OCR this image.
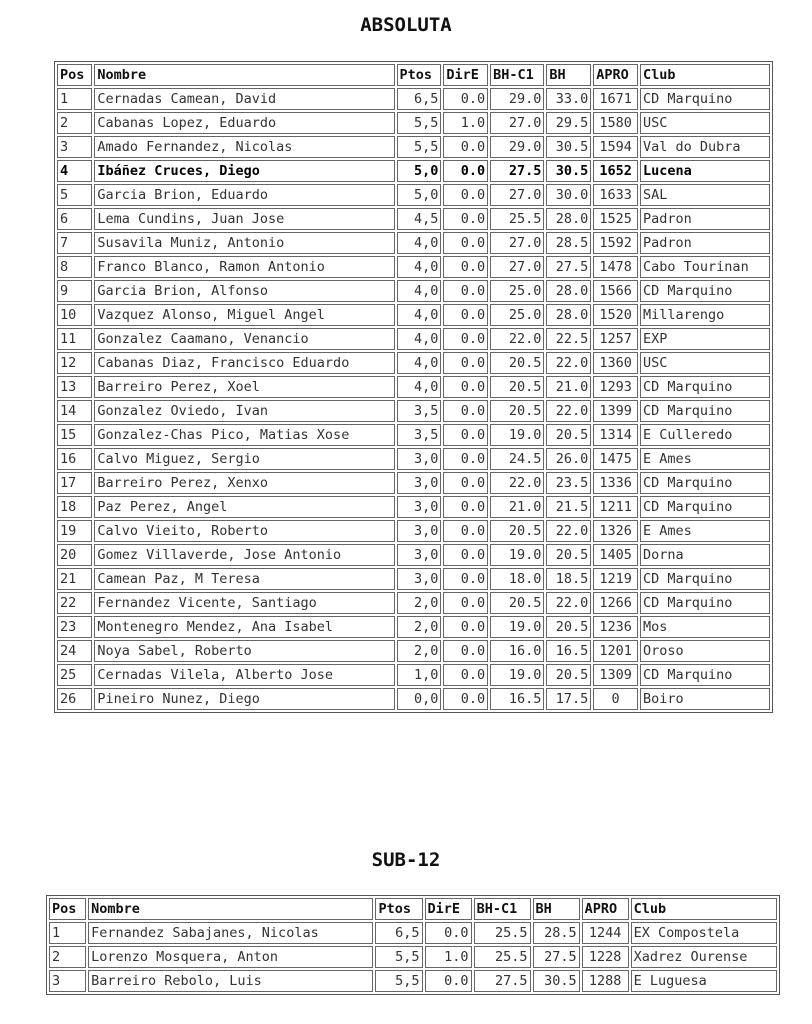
ABSOLUTA
Pos	Nombre	Ptos	DirE	BH-C1	BH	APRO	Club
1	Cernadas Camean, David	6,5	0.0	29.0	33.0	1671	CD Marquino
2	Cabanas Lopez, Eduardo	5,5	1.0	27.0	29.5	1580	USC
3	Amado Fernandez, Nicolas	5,5	0.0	29.0	30.5	1594	Val do Dubra
4	Ibáñez Cruces, Diego	5,0	0.0	27.5	30.5	1652	Lucena
5	Garcia Brion, Eduardo	5,0	0.0	27.0	30.0	1633	SAL
6	Lema Cundins, Juan Jose	4,5	0.0	25.5	28.0	1525	Padron
7	Susavila Muniz, Antonio	4,0	0.0	27.0	28.5	1592	Padron
8	Franco Blanco, Ramon Antonio	4,0	0.0	27.0	27.5	1478	Cabo Tourinan
9	Garcia Brion, Alfonso	4,0	0.0	25.0	28.0	1566	CD Marquino
10	Vazquez Alonso, Miguel Angel	4,0	0.0	25.0	28.0	1520	Millarengo
11	Gonzalez Caamano, Venancio	4,0	0.0	22.0	22.5	1257	EXP
12	Cabanas Diaz, Francisco Eduardo	4,0	0.0	20.5	22.0	1360	USC
13	Barreiro Perez, Xoel	4,0	0.0	20.5	21.0	1293	CD Marquino
14	Gonzalez Oviedo, Ivan	3,5	0.0	20.5	22.0	1399	CD Marquino
15	Gonzalez-Chas Pico, Matias Xose	3,5	0.0	19.0	20.5	1314	E Culleredo
16	Calvo Miguez, Sergio	3,0	0.0	24.5	26.0	1475	E Ames
17	Barreiro Perez, Xenxo	3,0	0.0	22.0	23.5	1336	CD Marquino
18	Paz Perez, Angel	3,0	0.0	21.0	21.5	1211	CD Marquino
19	Calvo Vieito, Roberto	3,0	0.0	20.5	22.0	1326	E Ames
20	Gomez Villaverde, Jose Antonio	3,0	0.0	19.0	20.5	1405	Dorna
21	Camean Paz, M Teresa	3,0	0.0	18.0	18.5	1219	CD Marquino
22	Fernandez Vicente, Santiago	2,0	0.0	20.5	22.0	1266	CD Marquino
23	Montenegro Mendez, Ana Isabel	2,0	0.0	19.0	20.5	1236	Mos
24	Noya Sabel, Roberto	2,0	0.0	16.0	16.5	1201	Oroso
25	Cernadas Vilela, Alberto Jose	1,0	0.0	19.0	20.5	1309	CD Marquino
26	Pineiro Nunez, Diego	0,0	0.0	16.5	17.5	0	Boiro
SUB-12
Pos	Nombre	Ptos	DirE	BH-C1	BH	APRO	Club
1	Fernandez Sabajanes, Nicolas	6,5	0.0	25.5	28.5	1244	EX Compostela
2	Lorenzo Mosquera, Anton	5,5	1.0	25.5	27.5	1228	Xadrez Ourense
3	Barreiro Rebolo, Luis	5,5	0.0	27.5	30.5	1288	E Luguesa
